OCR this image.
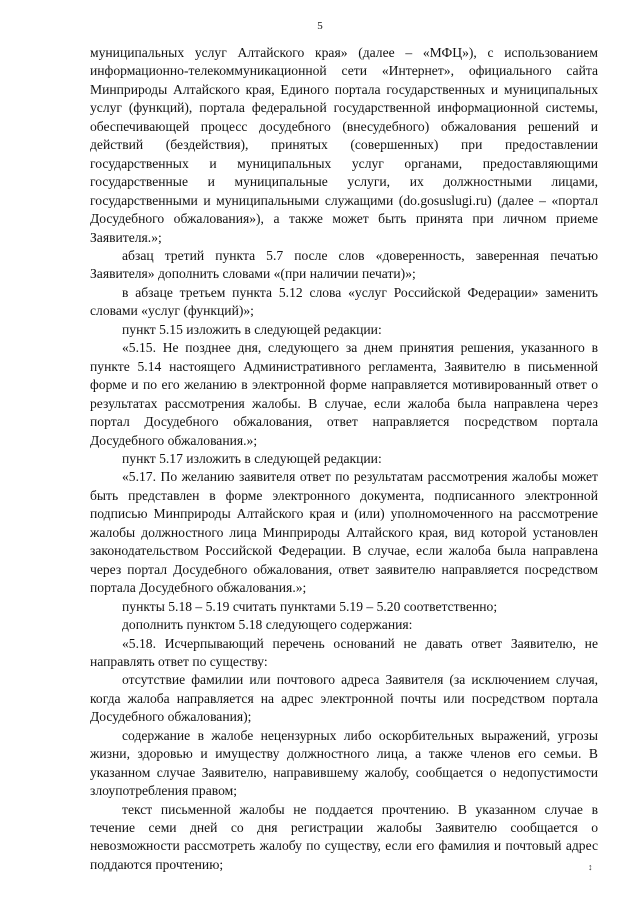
5

муниципальных услуг Алтайского края» (далее – «МФЦ»), с использованием информационно-телекоммуникационной сети «Интернет», официального сайта Минприроды Алтайского края, Единого портала государственных и муниципальных услуг (функций), портала федеральной государственной информационной системы, обеспечивающей процесс досудебного (внесудебного) обжалования решений и действий (бездействия), принятых (совершенных) при предоставлении государственных и муниципальных услуг органами, предоставляющими государственные и муниципальные услуги, их должностными лицами, государственными и муниципальными служащими (do.gosuslugi.ru) (далее – «портал Досудебного обжалования»), а также может быть принята при личном приеме Заявителя.»;

абзац третий пункта 5.7 после слов «доверенность, заверенная печатью Заявителя» дополнить словами «(при наличии печати)»;

в абзаце третьем пункта 5.12 слова «услуг Российской Федерации» заменить словами «услуг (функций)»;

пункт 5.15 изложить в следующей редакции:

«5.15. Не позднее дня, следующего за днем принятия решения, указанного в пункте 5.14 настоящего Административного регламента, Заявителю в письменной форме и по его желанию в электронной форме направляется мотивированный ответ о результатах рассмотрения жалобы. В случае, если жалоба была направлена через портал Досудебного обжалования, ответ направляется посредством портала Досудебного обжалования.»;

пункт 5.17 изложить в следующей редакции:

«5.17. По желанию заявителя ответ по результатам рассмотрения жалобы может быть представлен в форме электронного документа, подписанного электронной подписью Минприроды Алтайского края и (или) уполномоченного на рассмотрение жалобы должностного лица Минприроды Алтайского края, вид которой установлен законодательством Российской Федерации. В случае, если жалоба была направлена через портал Досудебного обжалования, ответ заявителю направляется посредством портала Досудебного обжалования.»;

пункты 5.18 – 5.19 считать пунктами 5.19 – 5.20 соответственно;

дополнить пунктом 5.18 следующего содержания:

«5.18. Исчерпывающий перечень оснований не давать ответ Заявителю, не направлять ответ по существу:

отсутствие фамилии или почтового адреса Заявителя (за исключением случая, когда жалоба направляется на адрес электронной почты или посредством портала Досудебного обжалования);

содержание в жалобе нецензурных либо оскорбительных выражений, угрозы жизни, здоровью и имуществу должностного лица, а также членов его семьи. В указанном случае Заявителю, направившему жалобу, сообщается о недопустимости злоупотребления правом;

текст письменной жалобы не поддается прочтению. В указанном случае в течение семи дней со дня регистрации жалобы Заявителю сообщается о невозможности рассмотреть жалобу по существу, если его фамилия и почтовый адрес поддаются прочтению;	↕
